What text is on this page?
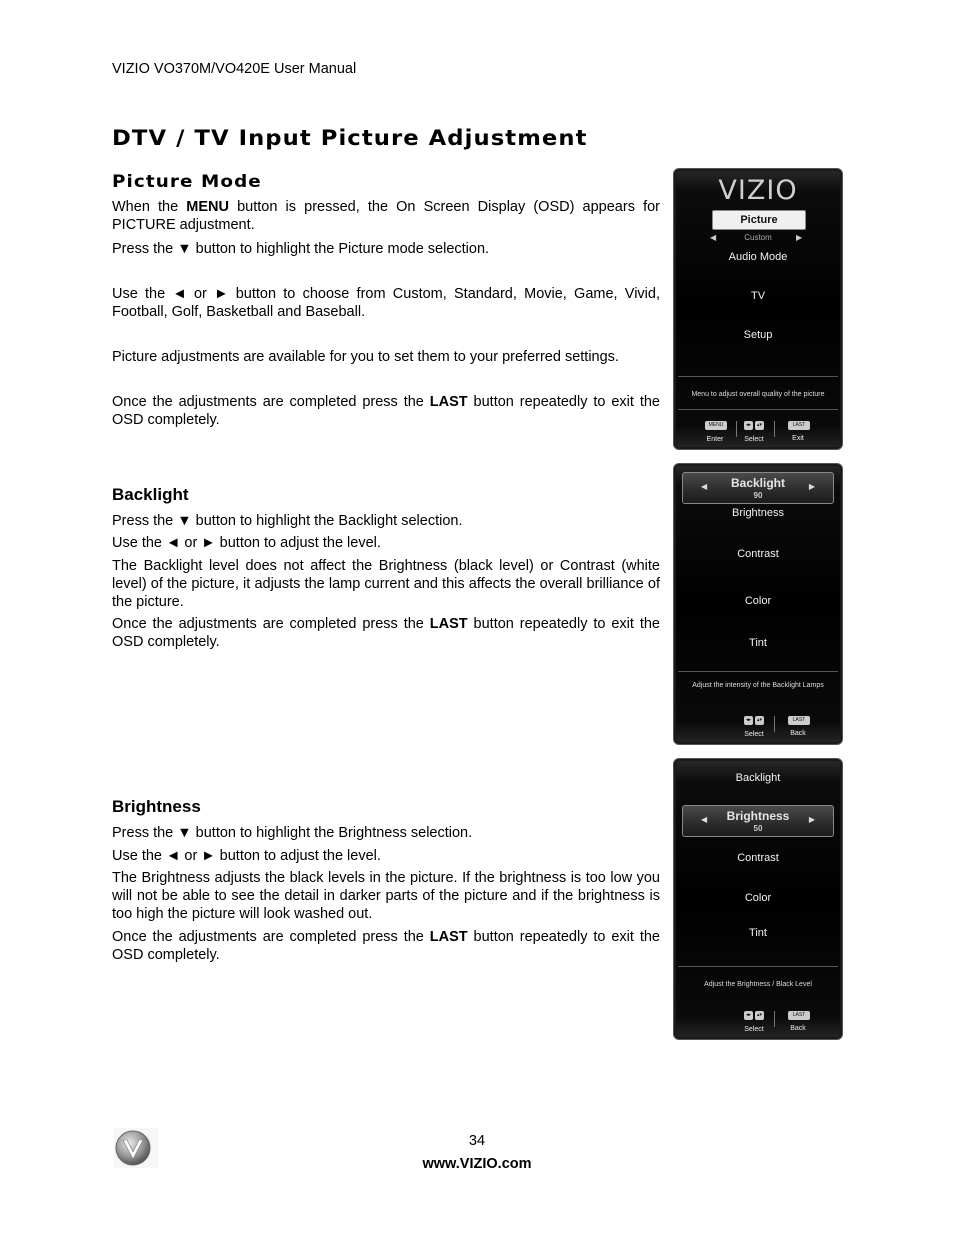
VIZIO VO370M/VO420E User Manual
DTV / TV Input Picture Adjustment
Picture Mode
When the MENU button is pressed, the On Screen Display (OSD) appears for PICTURE adjustment.
Press the ▼ button to highlight the Picture mode selection.
Use the ◄ or ► button to choose from Custom, Standard, Movie, Game, Vivid, Football, Golf, Basketball and Baseball.
Picture adjustments are available for you to set them to your preferred settings.
Once the adjustments are completed press the LAST button repeatedly to exit the OSD completely.
Backlight
Press the ▼ button to highlight the Backlight selection.
Use the ◄ or ► button to adjust the level.
The Backlight level does not affect the Brightness (black level) or Contrast (white level) of the picture, it adjusts the lamp current and this affects the overall brilliance of the picture.
Once the adjustments are completed press the LAST button repeatedly to exit the OSD completely.
Brightness
Press the ▼ button to highlight the Brightness selection.
Use the ◄ or ► button to adjust the level.
The Brightness adjusts the black levels in the picture. If the brightness is too low you will not be able to see the detail in darker parts of the picture and if the brightness is too high the picture will look washed out.
Once the adjustments are completed press the LAST button repeatedly to exit the OSD completely.
VIZIO
Picture
Custom
◀	▶
Audio Mode
TV
Setup
Menu to adjust overall quality of the picture
MENU	◂▸	▴▾	LAST
Enter	Select	Exit
Backlight
90
◀	▶
Brightness
Contrast
Color
Tint
Adjust the intensity of the Backlight Lamps
◂▸	▴▾	LAST
Select	Back
Backlight
Brightness
50
◀	▶
Contrast
Color
Tint
Adjust the Brightness / Black Level
◂▸	▴▾	LAST
Select	Back
34
www.VIZIO.com
